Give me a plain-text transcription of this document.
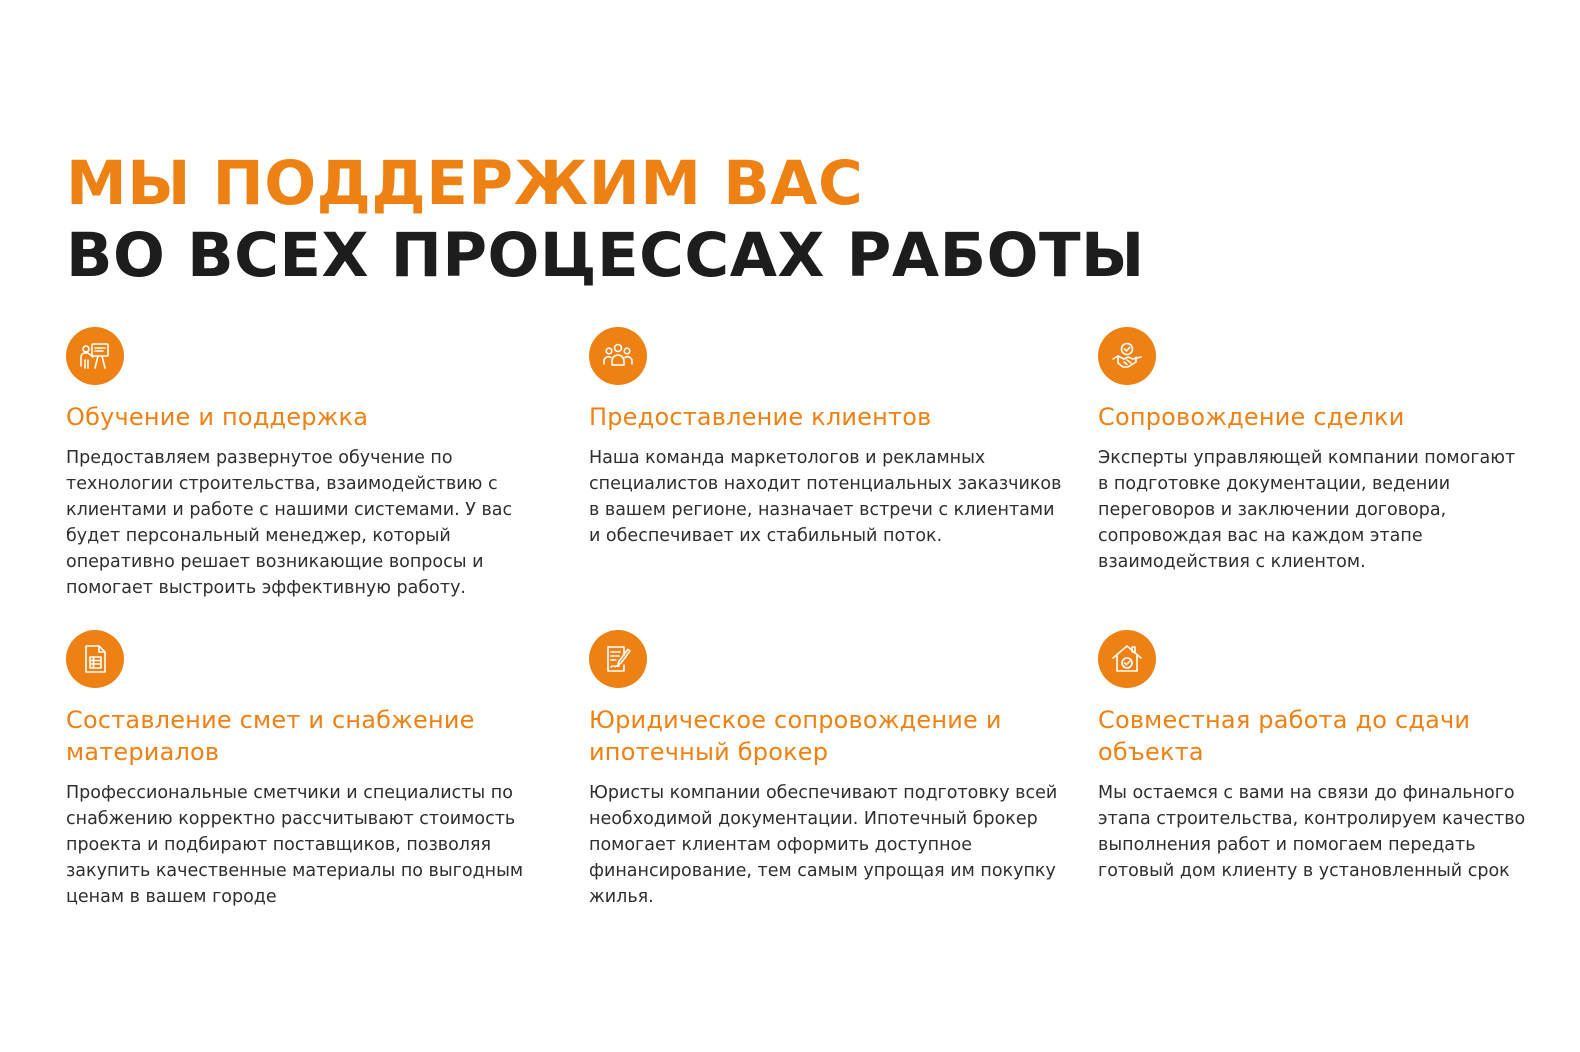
МЫ ПОДДЕРЖИМ ВАС
ВО ВСЕХ ПРОЦЕССАХ РАБОТЫ
Обучение и поддержка
Предоставляем развернутое обучение по технологии строительства, взаимодействию с клиентами и работе с нашими системами. У вас будет персональный менеджер, который оперативно решает возникающие вопросы и помогает выстроить эффективную работу.
Предоставление клиентов
Наша команда маркетологов и рекламных специалистов находит потенциальных заказчиков в вашем регионе, назначает встречи с клиентами и обеспечивает их стабильный поток.
Сопровождение сделки
Эксперты управляющей компании помогают в подготовке документации, ведении переговоров и заключении договора, сопровождая вас на каждом этапе взаимодействия с клиентом.
Составление смет и снабжение материалов
Профессиональные сметчики и специалисты по снабжению корректно рассчитывают стоимость проекта и подбирают поставщиков, позволяя закупить качественные материалы по выгодным ценам в вашем городе
Юридическое сопровождение и ипотечный брокер
Юристы компании обеспечивают подготовку всей необходимой документации. Ипотечный брокер помогает клиентам оформить доступное финансирование, тем самым упрощая им покупку жилья.
Совместная работа до сдачи объекта
Мы остаемся с вами на связи до финального этапа строительства, контролируем качество выполнения работ и помогаем передать готовый дом клиенту в установленный срок
